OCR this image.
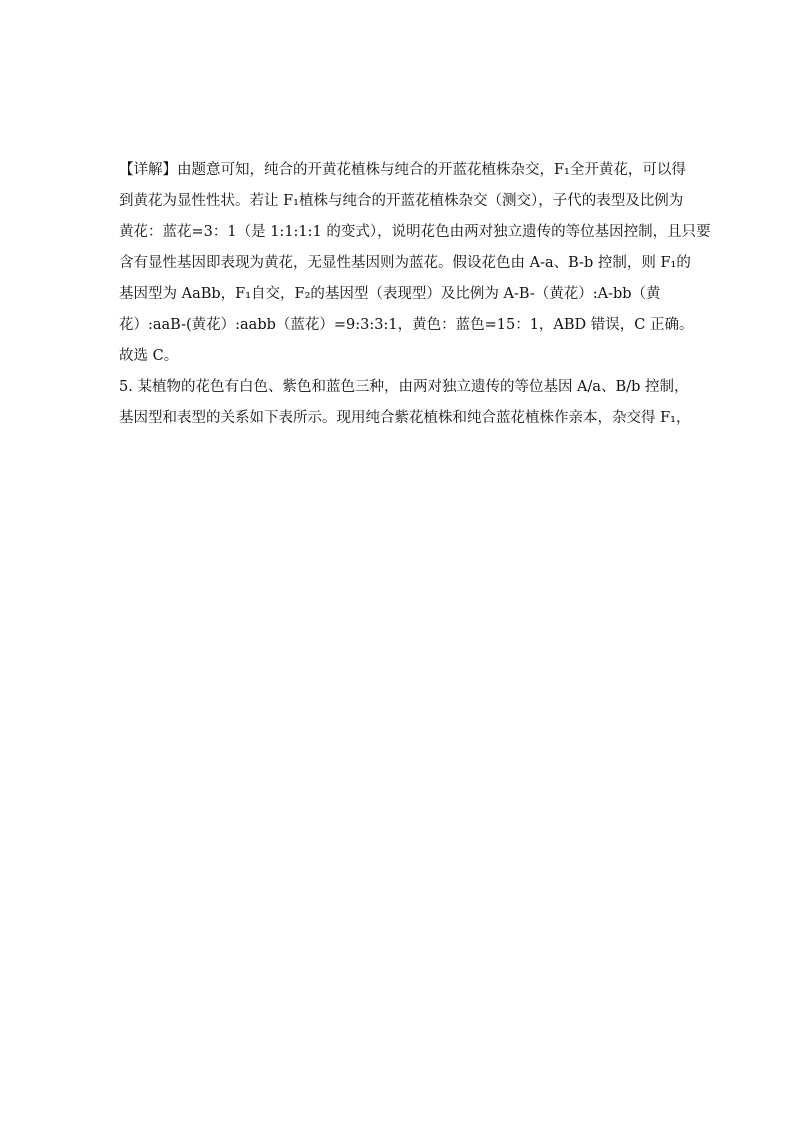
【详解】由题意可知，纯合的开黄花植株与纯合的开蓝花植株杂交，F₁全开黄花，可以得
到黄花为显性性状。若让 F₁植株与纯合的开蓝花植株杂交（测交），子代的表型及比例为
黄花：蓝花=3：1（是 1:1:1:1 的变式），说明花色由两对独立遗传的等位基因控制，且只要
含有显性基因即表现为黄花，无显性基因则为蓝花。假设花色由 A-a、B-b 控制，则 F₁的
基因型为 AaBb，F₁自交，F₂的基因型（表现型）及比例为 A-B-（黄花）:A-bb（黄
花）:aaB-(黄花）:aabb（蓝花）=9:3:3:1，黄色：蓝色=15：1，ABD 错误，C 正确。
故选 C。
5. 某植物的花色有白色、紫色和蓝色三种，由两对独立遗传的等位基因 A/a、B/b 控制，
基因型和表型的关系如下表所示。现用纯合紫花植株和纯合蓝花植株作亲本，杂交得 F₁，
